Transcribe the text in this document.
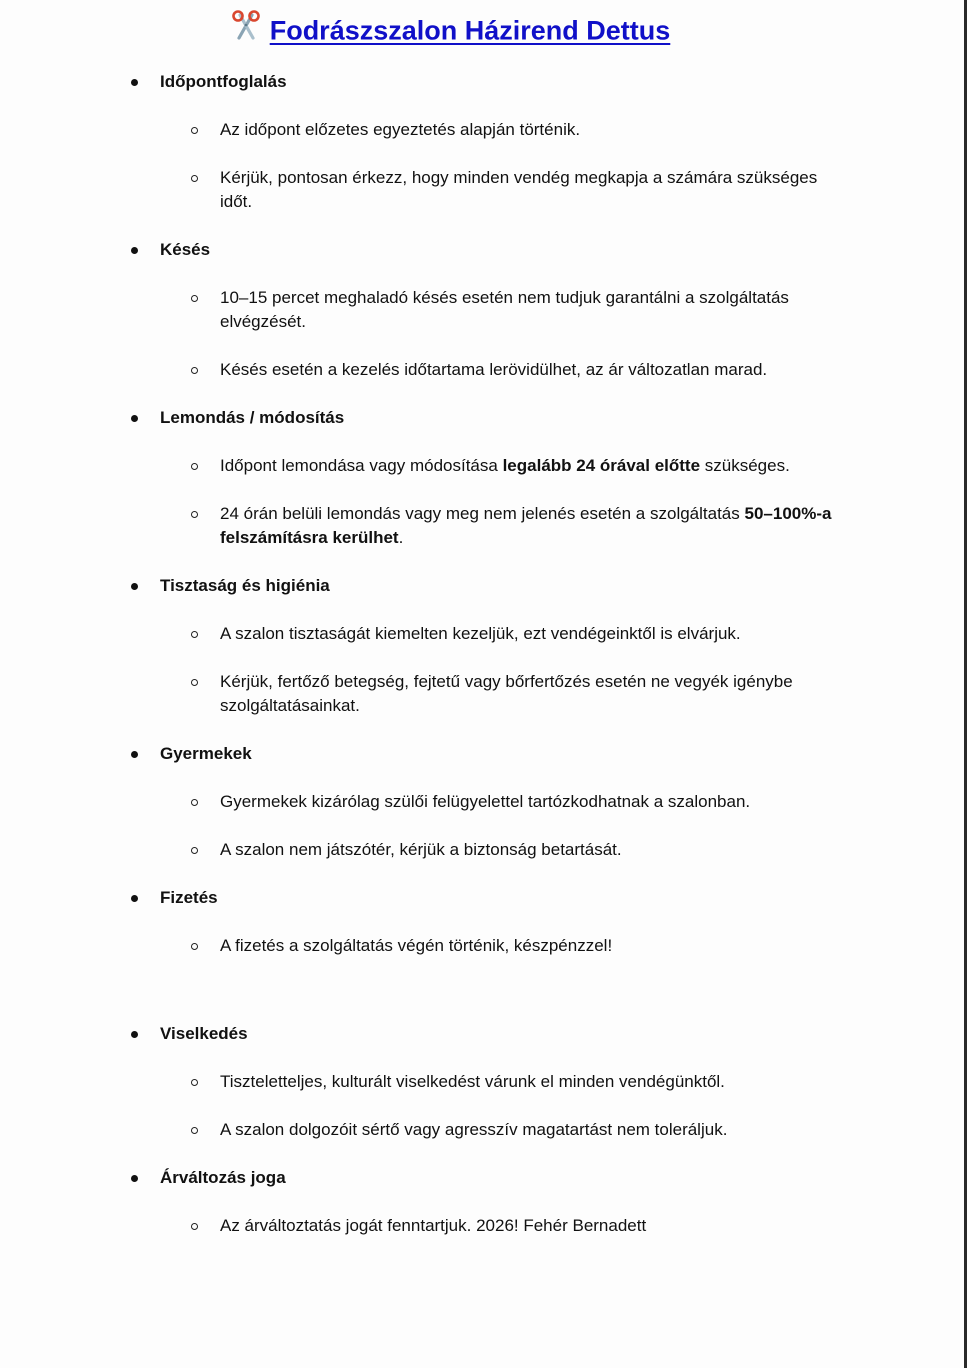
Fodrászszalon Házirend Dettus
Időpontfoglalás
Az időpont előzetes egyeztetés alapján történik.
Kérjük, pontosan érkezz, hogy minden vendég megkapja a számára szükséges időt.
Késés
10–15 percet meghaladó késés esetén nem tudjuk garantálni a szolgáltatás elvégzését.
Késés esetén a kezelés időtartama lerövidülhet, az ár változatlan marad.
Lemondás / módosítás
Időpont lemondása vagy módosítása legalább 24 órával előtte szükséges.
24 órán belüli lemondás vagy meg nem jelenés esetén a szolgáltatás 50–100%-a felszámításra kerülhet.
Tisztaság és higiénia
A szalon tisztaságát kiemelten kezeljük, ezt vendégeinktől is elvárjuk.
Kérjük, fertőző betegség, fejtetű vagy bőrfertőzés esetén ne vegyék igénybe szolgáltatásainkat.
Gyermekek
Gyermekek kizárólag szülői felügyelettel tartózkodhatnak a szalonban.
A szalon nem játszótér, kérjük a biztonság betartását.
Fizetés
A fizetés a szolgáltatás végén történik, készpénzzel!
Viselkedés
Tiszteletteljes, kulturált viselkedést várunk el minden vendégünktől.
A szalon dolgozóit sértő vagy agresszív magatartást nem toleráljuk.
Árváltozás joga
Az árváltoztatás jogát fenntartjuk. 2026! Fehér Bernadett
